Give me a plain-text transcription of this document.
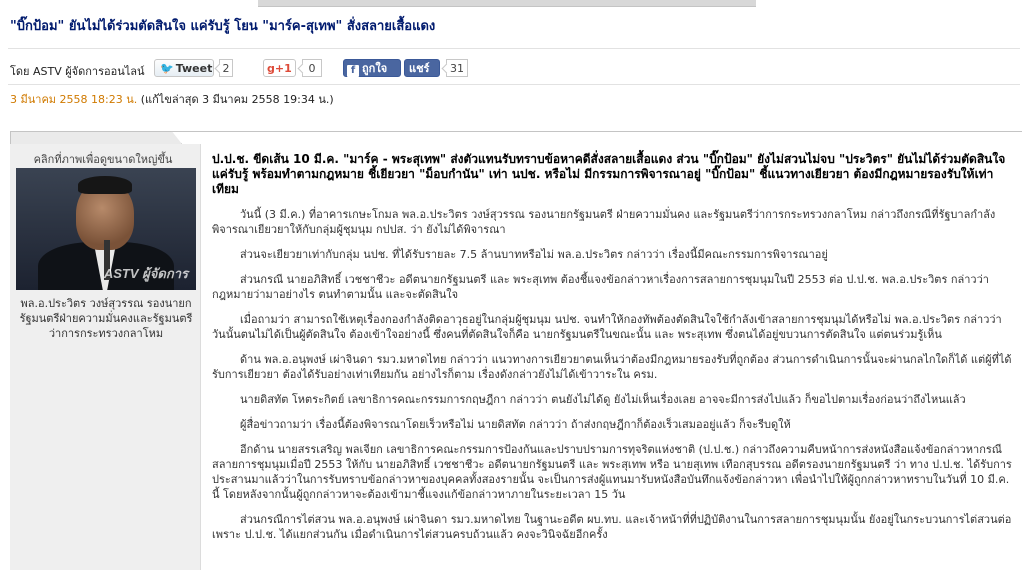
"บิ๊กป้อม" ยันไม่ได้ร่วมตัดสินใจ แค่รับรู้ โยน "มาร์ค-สุเทพ" สั่งสลายเสื้อแดง
โดย ASTV ผู้จัดการออนไลน์	🐦 Tweet 2	g+1	0	f ถูกใจ	แชร์	31
3 มีนาคม 2558 18:23 น. (แก้ไขล่าสุด 3 มีนาคม 2558 19:34 น.)
คลิกที่ภาพเพื่อดูขนาดใหญ่ขึ้น
ASTV ผู้จัดการ
พล.อ.ประวิตร วงษ์สุวรรณ รองนายกรัฐมนตรีฝ่ายความมั่นคงและรัฐมนตรีว่าการกระทรวงกลาโหม

ป.ป.ช. ขีดเส้น 10 มี.ค. "มาร์ค - พระสุเทพ" ส่งตัวแทนรับทราบข้อหาคดีสั่งสลายเสื้อแดง ส่วน "บิ๊กป้อม" ยังไม่สวนไม่จบ "ประวิตร" ยันไม่ได้ร่วมตัดสินใจ แค่รับรู้ พร้อมทำตามกฎหมาย ชี้เยียวยา "ม็อบกำนัน" เท่า นปช. หรือไม่ มีกรรมการพิจารณาอยู่ "บิ๊กป้อม" ชี้แนวทางเยียวยา ต้องมีกฎหมายรองรับให้เท่าเทียม

วันนี้ (3 มี.ค.) ที่อาคารเกษะโกมล พล.อ.ประวิตร วงษ์สุวรรณ รองนายกรัฐมนตรี ฝ่ายความมั่นคง และรัฐมนตรีว่าการกระทรวงกลาโหม กล่าวถึงกรณีที่รัฐบาลกำลังพิจารณาเยียวยาให้กับกลุ่มผู้ชุมนุม กปปส. ว่า ยังไม่ได้พิจารณา

ส่วนจะเยียวยาเท่ากับกลุ่ม นปช. ที่ได้รับรายละ 7.5 ล้านบาทหรือไม่ พล.อ.ประวิตร กล่าวว่า เรื่องนี้มีคณะกรรมการพิจารณาอยู่

ส่วนกรณี นายอภิสิทธิ์ เวชชาชีวะ อดีตนายกรัฐมนตรี และ พระสุเทพ ต้องชี้แจงข้อกล่าวหาเรื่องการสลายการชุมนุมในปี 2553 ต่อ ป.ป.ช. พล.อ.ประวิตร กล่าวว่า กฎหมายว่ามาอย่างไร ตนทำตามนั้น และจะตัดสินใจ

เมื่อถามว่า สามารถใช้เหตุเรื่องกองกำลังติดอาวุธอยู่ในกลุ่มผู้ชุมนุม นปช. จนทำให้กองทัพต้องตัดสินใจใช้กำลังเข้าสลายการชุมนุมได้หรือไม่ พล.อ.ประวิตร กล่าวว่า วันนั้นตนไม่ได้เป็นผู้ตัดสินใจ ต้องเข้าใจอย่างนี้ ซึ่งคนที่ตัดสินใจก็คือ นายกรัฐมนตรีในขณะนั้น และ พระสุเทพ ซึ่งตนได้อยู่ขบวนการตัดสินใจ แต่ตนร่วมรู้เห็น

ด้าน พล.อ.อนุพงษ์ เผ่าจินดา รมว.มหาดไทย กล่าวว่า แนวทางการเยียวยาตนเห็นว่าต้องมีกฎหมายรองรับที่ถูกต้อง ส่วนการดำเนินการนั้นจะผ่านกลไกใดก็ได้ แต่ผู้ที่ได้รับการเยียวยา ต้องได้รับอย่างเท่าเทียมกัน อย่างไรก็ตาม เรื่องดังกล่าวยังไม่ได้เข้าวาระใน ครม.

นายดิสทัต โหตระกิตย์ เลขาธิการคณะกรรมการกฤษฎีกา กล่าวว่า ตนยังไม่ได้ดู ยังไม่เห็นเรื่องเลย อาจจะมีการส่งไปแล้ว ก็ขอไปตามเรื่องก่อนว่าถึงไหนแล้ว

ผู้สื่อข่าวถามว่า เรื่องนี้ต้องพิจารณาโดยเร็วหรือไม่ นายดิสทัต กล่าวว่า ถ้าส่งกฤษฎีกาก็ต้องเร็วเสมออยู่แล้ว ก็จะรีบดูให้

อีกด้าน นายสรรเสริญ พลเจียก เลขาธิการคณะกรรมการป้องกันและปราบปรามการทุจริตแห่งชาติ (ป.ป.ช.) กล่าวถึงความคืบหน้าการส่งหนังสือแจ้งข้อกล่าวหากรณีสลายการชุมนุมเมื่อปี 2553 ให้กับ นายอภิสิทธิ์ เวชชาชีวะ อดีตนายกรัฐมนตรี และ พระสุเทพ หรือ นายสุเทพ เทือกสุบรรณ อดีตรองนายกรัฐมนตรี ว่า ทาง ป.ป.ช. ได้รับการประสานมาแล้วว่าในการรับทราบข้อกล่าวหาของบุคคลทั้งสองรายนั้น จะเป็นการส่งผู้แทนมารับหนังสือบันทึกแจ้งข้อกล่าวหา เพื่อนำไปให้ผู้ถูกกล่าวหาทราบในวันที่ 10 มี.ค. นี้ โดยหลังจากนั้นผู้ถูกกล่าวหาจะต้องเข้ามาชี้แจงแก้ข้อกล่าวหาภายในระยะเวลา 15 วัน

ส่วนกรณีการไต่สวน พล.อ.อนุพงษ์ เผ่าจินดา รมว.มหาดไทย ในฐานะอดีต ผบ.ทบ. และเจ้าหน้าที่ที่ปฏิบัติงานในการสลายการชุมนุมนั้น ยังอยู่ในกระบวนการไต่สวนต่อ เพราะ ป.ป.ช. ได้แยกส่วนกัน เมื่อดำเนินการไต่สวนครบถ้วนแล้ว คงจะวินิจฉัยอีกครั้ง
